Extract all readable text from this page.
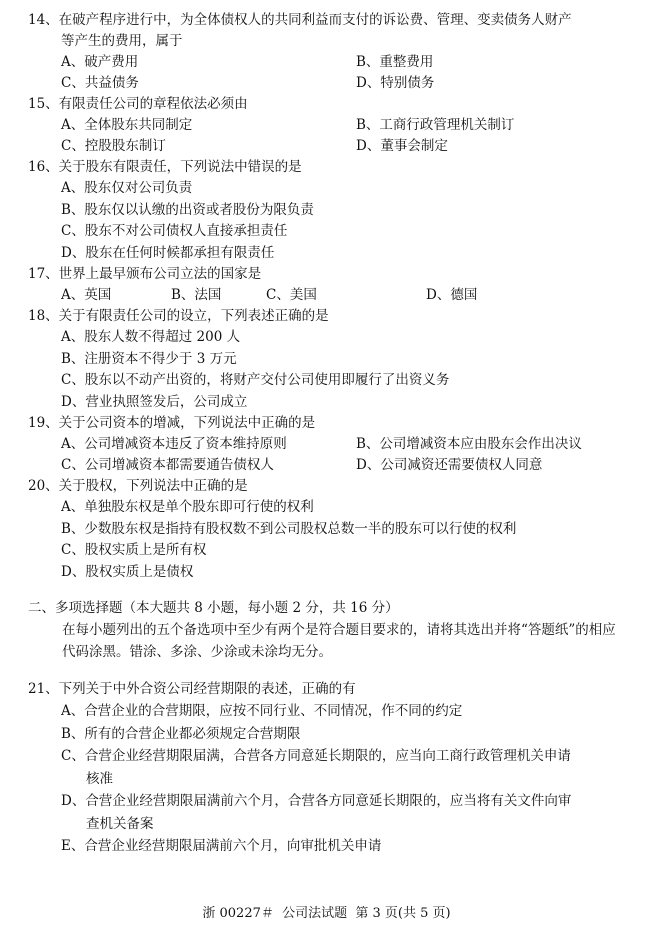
14、在破产程序进行中，为全体债权人的共同利益而支付的诉讼费、管理、变卖债务人财产
等产生的费用，属于
A、破产费用	B、重整费用
C、共益债务	D、特别债务
15、有限责任公司的章程依法必须由
A、全体股东共同制定	B、工商行政管理机关制订
C、控股股东制订	D、董事会制定
16、关于股东有限责任，下列说法中错误的是
A、股东仅对公司负责
B、股东仅以认缴的出资或者股份为限负责
C、股东不对公司债权人直接承担责任
D、股东在任何时候都承担有限责任
17、世界上最早颁布公司立法的国家是
A、英国	B、法国	C、美国	D、德国
18、关于有限责任公司的设立，下列表述正确的是
A、股东人数不得超过 200 人
B、注册资本不得少于 3 万元
C、股东以不动产出资的，将财产交付公司使用即履行了出资义务
D、营业执照签发后，公司成立
19、关于公司资本的增减，下列说法中正确的是
A、公司增减资本违反了资本维持原则	B、公司增减资本应由股东会作出决议
C、公司增减资本都需要通告债权人	D、公司减资还需要债权人同意
20、关于股权，下列说法中正确的是
A、单独股东权是单个股东即可行使的权利
B、少数股东权是指持有股权数不到公司股权总数一半的股东可以行使的权利
C、股权实质上是所有权
D、股权实质上是债权
二、多项选择题（本大题共 8 小题，每小题 2 分，共 16 分）
在每小题列出的五个备选项中至少有两个是符合题目要求的，请将其选出并将“答题纸”的相应代码涂黑。错涂、多涂、少涂或未涂均无分。
21、下列关于中外合资公司经营期限的表述，正确的有
A、合营企业的合营期限，应按不同行业、不同情况，作不同的约定
B、所有的合营企业都必须规定合营期限
C、合营企业经营期限届满，合营各方同意延长期限的，应当向工商行政管理机关申请
核准
D、合营企业经营期限届满前六个月，合营各方同意延长期限的，应当将有关文件向审
查机关备案
E、合营企业经营期限届满前六个月，向审批机关申请
浙 00227＃  公司法试题  第 3 页(共 5 页)
